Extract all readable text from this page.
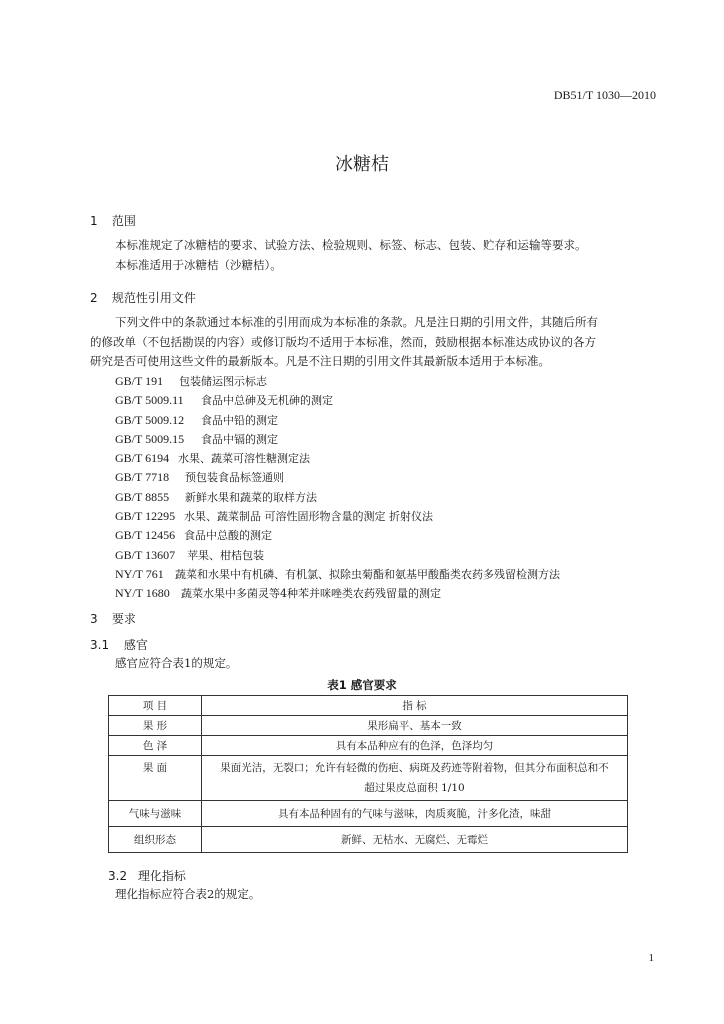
DB51/T 1030—2010
冰糖桔
1 范围
本标准规定了冰糖桔的要求、试验方法、检验规则、标签、标志、包装、贮存和运输等要求。
本标准适用于冰糖桔（沙糖桔）。
2 规范性引用文件
下列文件中的条款通过本标准的引用而成为本标准的条款。凡是注日期的引用文件，其随后所有
的修改单（不包括勘误的内容）或修订版均不适用于本标准，然而，鼓励根据本标准达成协议的各方
研究是否可使用这些文件的最新版本。凡是不注日期的引用文件其最新版本适用于本标准。
GB/T 191 包装储运图示标志
GB/T 5009.11 食品中总砷及无机砷的测定
GB/T 5009.12 食品中铅的测定
GB/T 5009.15 食品中镉的测定
GB/T 6194 水果、蔬菜可溶性糖测定法
GB/T 7718 预包装食品标签通则
GB/T 8855 新鲜水果和蔬菜的取样方法
GB/T 12295 水果、蔬菜制品 可溶性固形物含量的测定 折射仪法
GB/T 12456 食品中总酸的测定
GB/T 13607 苹果、柑桔包装
NY/T 761 蔬菜和水果中有机磷、有机氯、拟除虫菊酯和氨基甲酸酯类农药多残留检测方法
NY/T 1680 蔬菜水果中多菌灵等4种苯并咪唑类农药残留量的测定
3 要求
3.1 感官
感官应符合表1的规定。
表1 感官要求
项 目	指 标
果 形	果形扁平、基本一致
色 泽	具有本品种应有的色泽，色泽均匀
果 面	果面光洁，无裂口；允许有轻微的伤疤、病斑及药迹等附着物，但其分布面积总和不
超过果皮总面积 1/10

气味与滋味	具有本品种固有的气味与滋味，肉质爽脆，汁多化渣，味甜
组织形态	新鲜、无枯水、无腐烂、无霉烂
3.2 理化指标
理化指标应符合表2的规定。
1
